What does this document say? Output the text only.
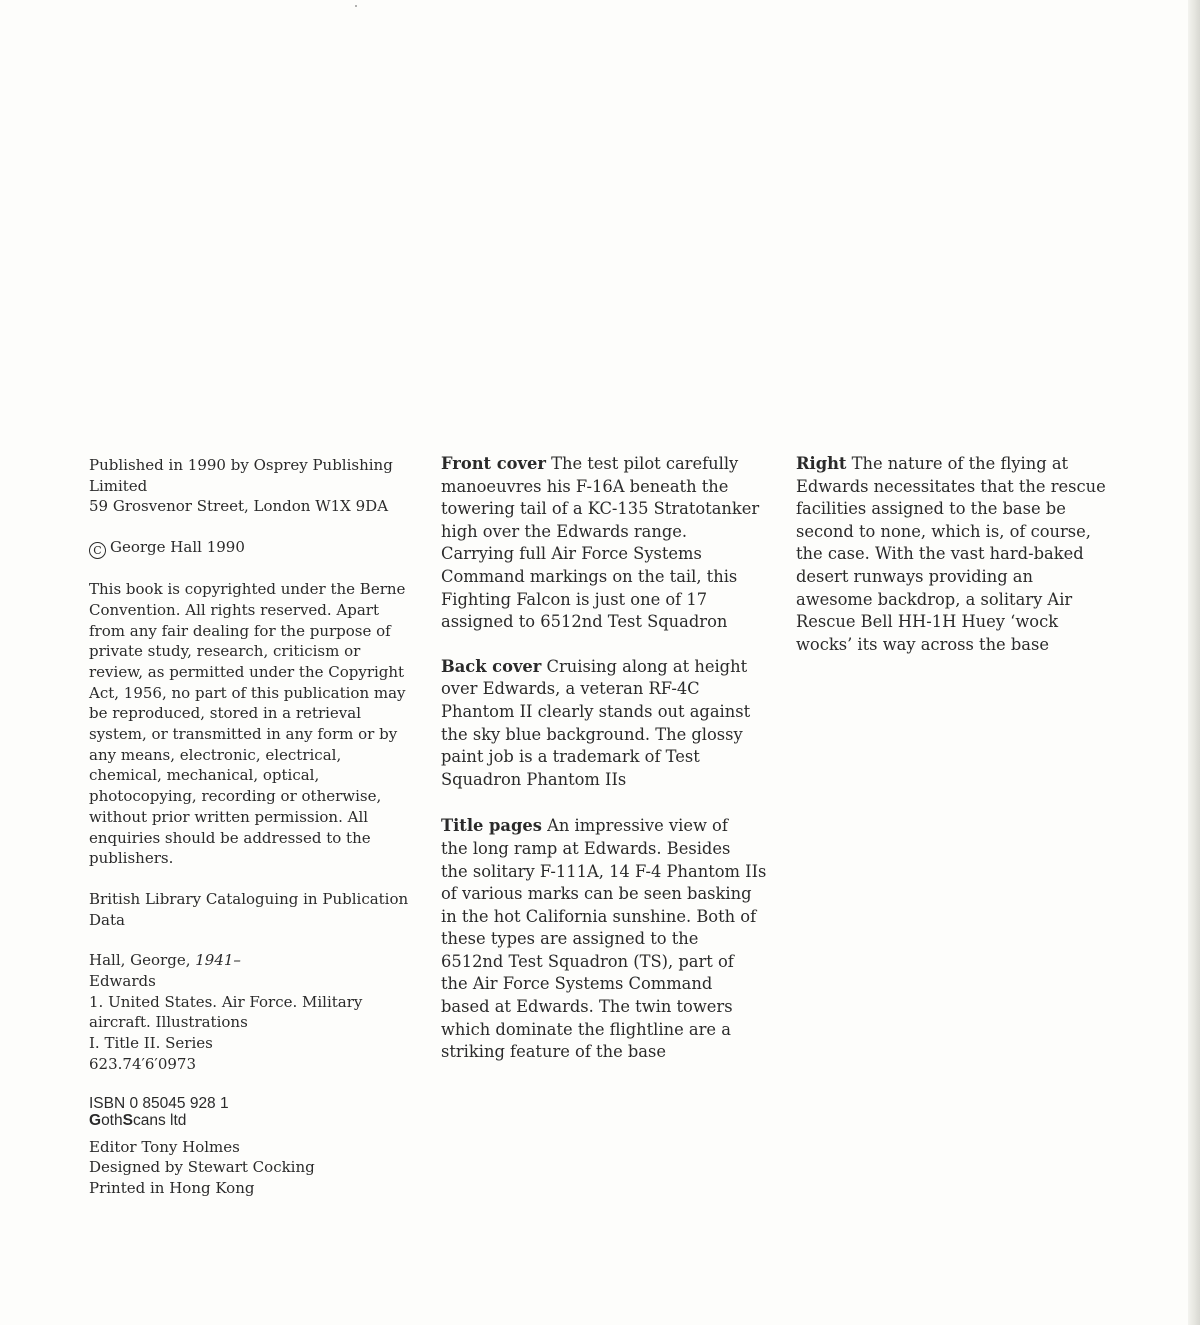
Published in 1990 by Osprey Publishing

Limited

59 Grosvenor Street, London W1X 9DA

C George Hall 1990

This book is copyrighted under the Berne

Convention. All rights reserved. Apart

from any fair dealing for the purpose of

private study, research, criticism or

review, as permitted under the Copyright

Act, 1956, no part of this publication may

be reproduced, stored in a retrieval

system, or transmitted in any form or by

any means, electronic, electrical,

chemical, mechanical, optical,

photocopying, recording or otherwise,

without prior written permission. All

enquiries should be addressed to the

publishers.

British Library Cataloguing in Publication

Data

Hall, George, 1941–

Edwards

1. United States. Air Force. Military

aircraft. Illustrations

I. Title II. Series

623.74′6′0973

ISBN 0 85045 928 1

GothScans ltd

Editor Tony Holmes

Designed by Stewart Cocking

Printed in Hong Kong

Front cover The test pilot carefully

manoeuvres his F-16A beneath the

towering tail of a KC-135 Stratotanker

high over the Edwards range.

Carrying full Air Force Systems

Command markings on the tail, this

Fighting Falcon is just one of 17

assigned to 6512nd Test Squadron

Back cover Cruising along at height

over Edwards, a veteran RF-4C

Phantom II clearly stands out against

the sky blue background. The glossy

paint job is a trademark of Test

Squadron Phantom IIs

Title pages An impressive view of

the long ramp at Edwards. Besides

the solitary F-111A, 14 F-4 Phantom IIs

of various marks can be seen basking

in the hot California sunshine. Both of

these types are assigned to the

6512nd Test Squadron (TS), part of

the Air Force Systems Command

based at Edwards. The twin towers

which dominate the flightline are a

striking feature of the base

Right The nature of the flying at

Edwards necessitates that the rescue

facilities assigned to the base be

second to none, which is, of course,

the case. With the vast hard-baked

desert runways providing an

awesome backdrop, a solitary Air

Rescue Bell HH-1H Huey ‘wock

wocks’ its way across the base
